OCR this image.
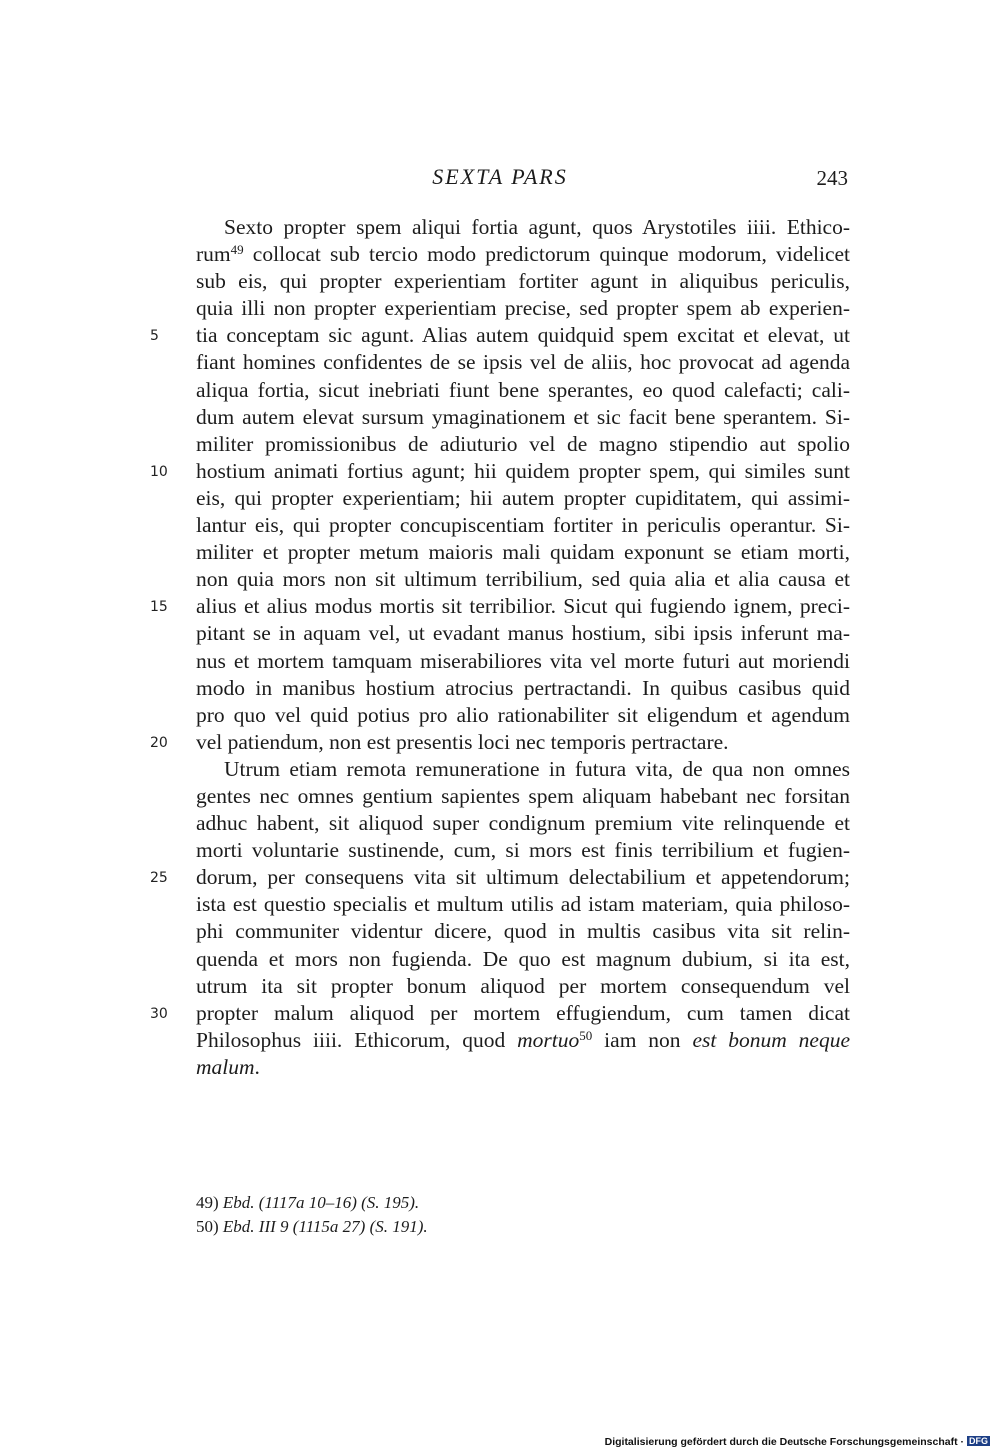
SEXTA PARS	243
Sexto propter spem aliqui fortia agunt, quos Arystotiles iiii. Ethico-
rum$^{49}$ collocat sub tercio modo predictorum quinque modorum, videlicet
sub eis, qui propter experientiam fortiter agunt in aliquibus periculis,
quia illi non propter experientiam precise, sed propter spem ab experien-
5	tia conceptam sic agunt. Alias autem quidquid spem excitat et elevat, ut
fiant homines confidentes de se ipsis vel de aliis, hoc provocat ad agenda
aliqua fortia, sicut inebriati fiunt bene sperantes, eo quod calefacti; cali-
dum autem elevat sursum ymaginationem et sic facit bene sperantem. Si-
militer promissionibus de adiuturio vel de magno stipendio aut spolio
10	hostium animati fortius agunt; hii quidem propter spem, qui similes sunt
eis, qui propter experientiam; hii autem propter cupiditatem, qui assimi-
lantur eis, qui propter concupiscentiam fortiter in periculis operantur. Si-
militer et propter metum maioris mali quidam exponunt se etiam morti,
non quia mors non sit ultimum terribilium, sed quia alia et alia causa et
15	alius et alius modus mortis sit terribilior. Sicut qui fugiendo ignem, preci-
pitant se in aquam vel, ut evadant manus hostium, sibi ipsis inferunt ma-
nus et mortem tamquam miserabiliores vita vel morte futuri aut moriendi
modo in manibus hostium atrocius pertractandi. In quibus casibus quid
pro quo vel quid potius pro alio rationabiliter sit eligendum et agendum
20	vel patiendum, non est presentis loci nec temporis pertractare.
Utrum etiam remota remuneratione in futura vita, de qua non omnes
gentes nec omnes gentium sapientes spem aliquam habebant nec forsitan
adhuc habent, sit aliquod super condignum premium vite relinquende et
morti voluntarie sustinende, cum, si mors est finis terribilium et fugien-
25	dorum, per consequens vita sit ultimum delectabilium et appetendorum;
ista est questio specialis et multum utilis ad istam materiam, quia philoso-
phi communiter videntur dicere, quod in multis casibus vita sit relin-
quenda et mors non fugienda. De quo est magnum dubium, si ita est,
utrum ita sit propter bonum aliquod per mortem consequendum vel
30	propter malum aliquod per mortem effugiendum, cum tamen dicat
Philosophus iiii. Ethicorum, quod mortuo$^{50}$ iam non est bonum neque
malum.
49) Ebd. (1117a 10–16) (S. 195).
50) Ebd. III 9 (1115a 27) (S. 191).
Digitalisierung gefördert durch die Deutsche Forschungsgemeinschaft · DFG
